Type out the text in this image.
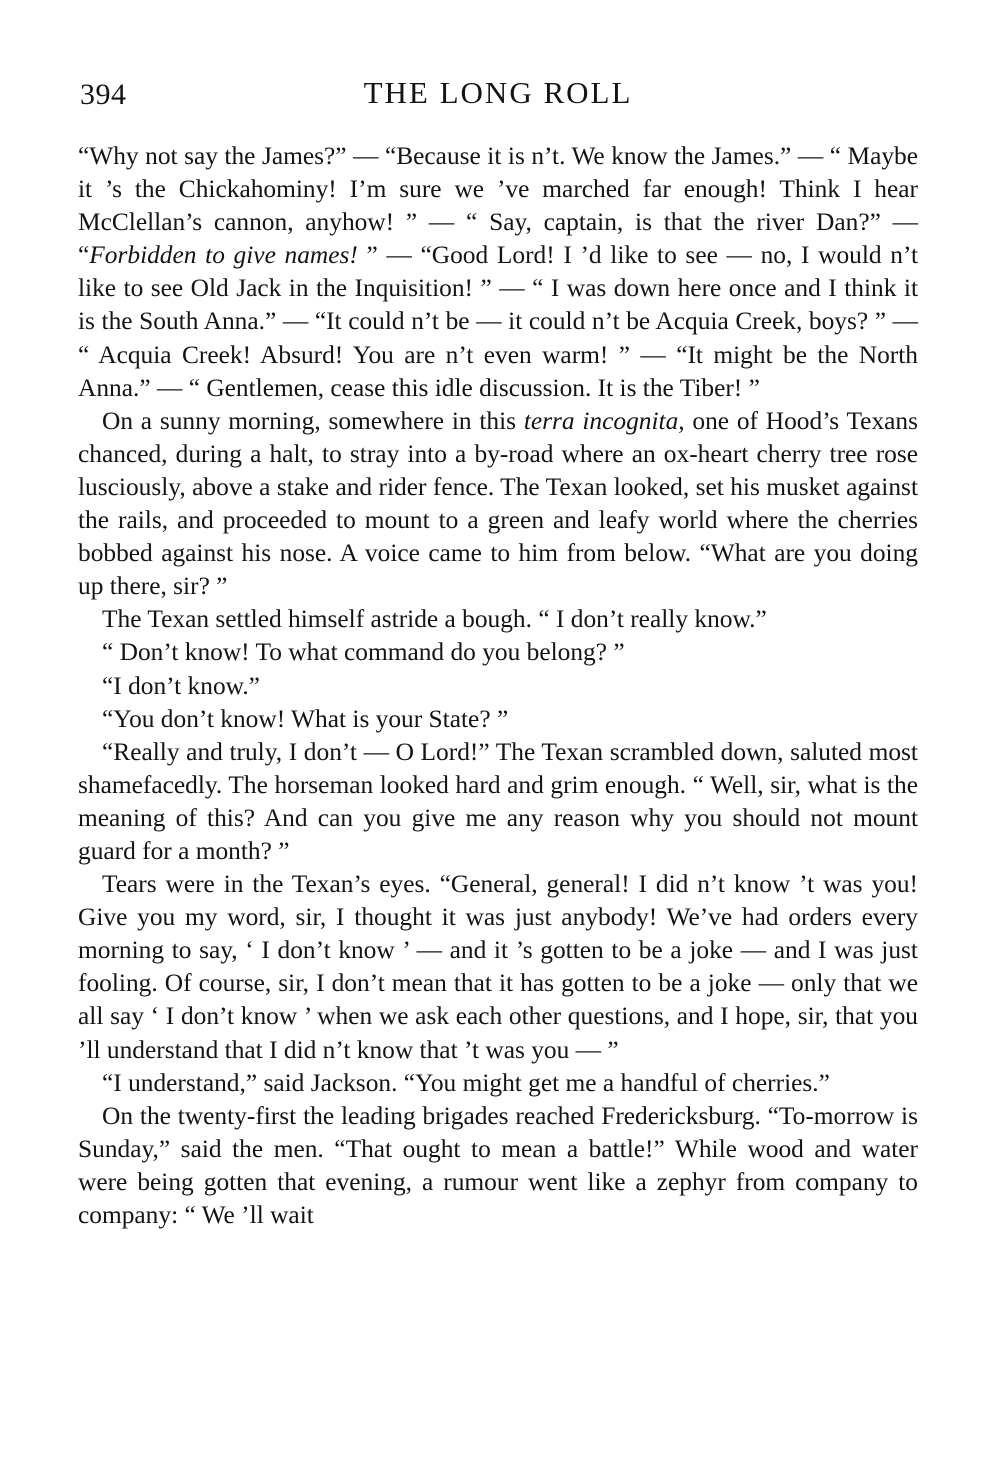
394	THE LONG ROLL

“Why not say the James?” — “Because it is n’t. We know the James.” — “ Maybe it ’s the Chickahominy! I’m sure we ’ve marched far enough! Think I hear McClellan’s cannon, anyhow! ” — “ Say, captain, is that the river Dan?” — “Forbidden to give names! ” — “Good Lord! I ’d like to see — no, I would n’t like to see Old Jack in the Inquisition! ” — “ I was down here once and I think it is the South Anna.” — “It could n’t be — it could n’t be Acquia Creek, boys? ” — “ Acquia Creek! Absurd! You are n’t even warm! ” — “It might be the North Anna.” — “ Gentlemen, cease this idle discussion. It is the Tiber! ”

On a sunny morning, somewhere in this terra incognita, one of Hood’s Texans chanced, during a halt, to stray into a by-road where an ox-heart cherry tree rose lusciously, above a stake and rider fence. The Texan looked, set his musket against the rails, and proceeded to mount to a green and leafy world where the cherries bobbed against his nose. A voice came to him from below. “What are you doing up there, sir? ”

The Texan settled himself astride a bough. “ I don’t really know.”

“ Don’t know! To what command do you belong? ”

“I don’t know.”

“You don’t know! What is your State? ”

“Really and truly, I don’t — O Lord!” The Texan scrambled down, saluted most shamefacedly. The horseman looked hard and grim enough. “ Well, sir, what is the meaning of this? And can you give me any reason why you should not mount guard for a month? ”

Tears were in the Texan’s eyes. “General, general! I did n’t know ’t was you! Give you my word, sir, I thought it was just anybody! We’ve had orders every morning to say, ‘ I don’t know ’ — and it ’s gotten to be a joke — and I was just fooling. Of course, sir, I don’t mean that it has gotten to be a joke — only that we all say ‘ I don’t know ’ when we ask each other questions, and I hope, sir, that you ’ll understand that I did n’t know that ’t was you — ”

“I understand,” said Jackson. “You might get me a handful of cherries.”

On the twenty-first the leading brigades reached Fredericksburg. “To-morrow is Sunday,” said the men. “That ought to mean a battle!” While wood and water were being gotten that evening, a rumour went like a zephyr from company to company: “ We ’ll wait
